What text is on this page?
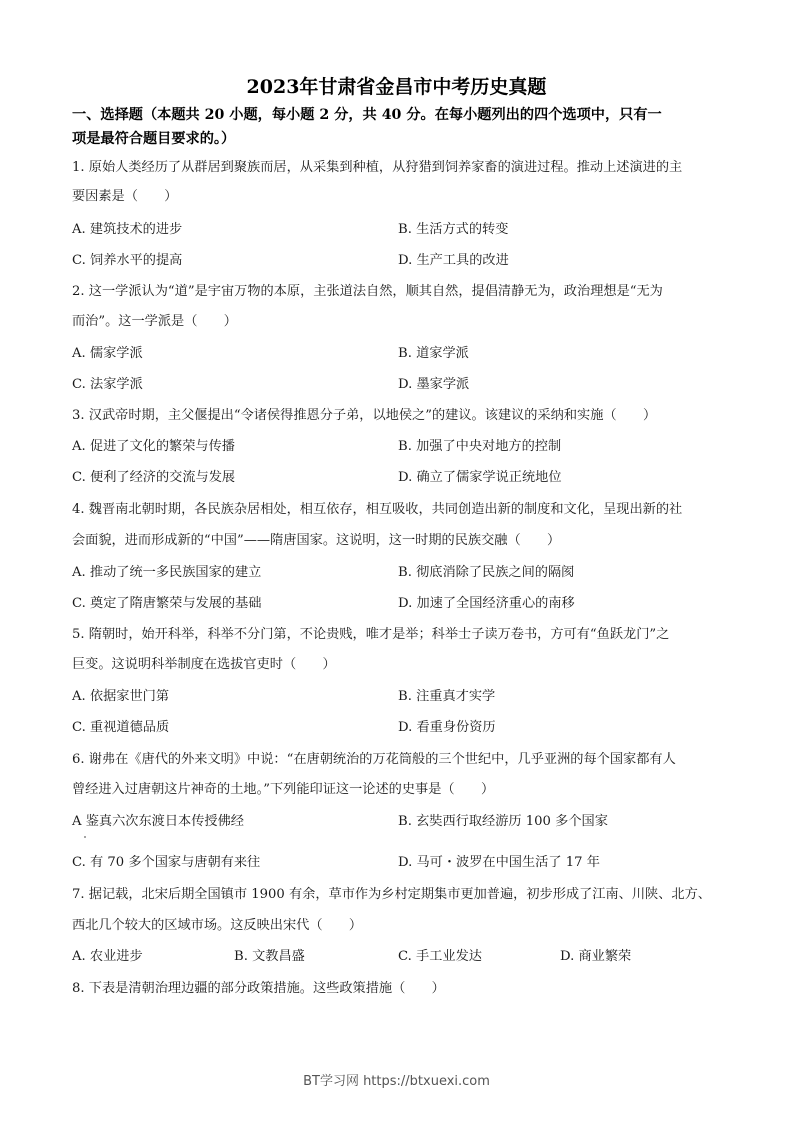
2023年甘肃省金昌市中考历史真题
一、选择题（本题共 20 小题，每小题 2 分，共 40 分。在每小题列出的四个选项中，只有一
项是最符合题目要求的。）
1. 原始人类经历了从群居到聚族而居，从采集到种植，从狩猎到饲养家畜的演进过程。推动上述演进的主
要因素是（　　）
A. 建筑技术的进步	B. 生活方式的转变
C. 饲养水平的提高	D. 生产工具的改进
2. 这一学派认为“道”是宇宙万物的本原，主张道法自然，顺其自然，提倡清静无为，政治理想是“无为
而治”。这一学派是（　　）
A. 儒家学派	B. 道家学派
C. 法家学派	D. 墨家学派
3. 汉武帝时期，主父偃提出“令诸侯得推恩分子弟，以地侯之”的建议。该建议的采纳和实施（　　）
A. 促进了文化的繁荣与传播	B. 加强了中央对地方的控制
C. 便利了经济的交流与发展	D. 确立了儒家学说正统地位
4. 魏晋南北朝时期，各民族杂居相处，相互依存，相互吸收，共同创造出新的制度和文化，呈现出新的社
会面貌，进而形成新的“中国”——隋唐国家。这说明，这一时期的民族交融（　　）
A. 推动了统一多民族国家的建立	B. 彻底消除了民族之间的隔阂
C. 奠定了隋唐繁荣与发展的基础	D. 加速了全国经济重心的南移
5. 隋朝时，始开科举，科举不分门第，不论贵贱，唯才是举；科举士子读万卷书，方可有“鱼跃龙门”之
巨变。这说明科举制度在选拔官吏时（　　）
A. 依据家世门第	B. 注重真才实学
C. 重视道德品质	D. 看重身份资历
6. 谢弗在《唐代的外来文明》中说：“在唐朝统治的万花筒般的三个世纪中，几乎亚洲的每个国家都有人
曾经进入过唐朝这片神奇的土地。”下列能印证这一论述的史事是（　　）
A 鉴真六次东渡日本传授佛经	B. 玄奘西行取经游历 100 多个国家
C. 有 70 多个国家与唐朝有来往	D. 马可・波罗在中国生活了 17 年
7. 据记载，北宋后期全国镇市 1900 有余，草市作为乡村定期集市更加普遍，初步形成了江南、川陕、北方、
西北几个较大的区域市场。这反映出宋代（　　）
A. 农业进步	B. 文教昌盛	C. 手工业发达	D. 商业繁荣
8. 下表是清朝治理边疆的部分政策措施。这些政策措施（　　）
BT学习网 https://btxuexi.com
